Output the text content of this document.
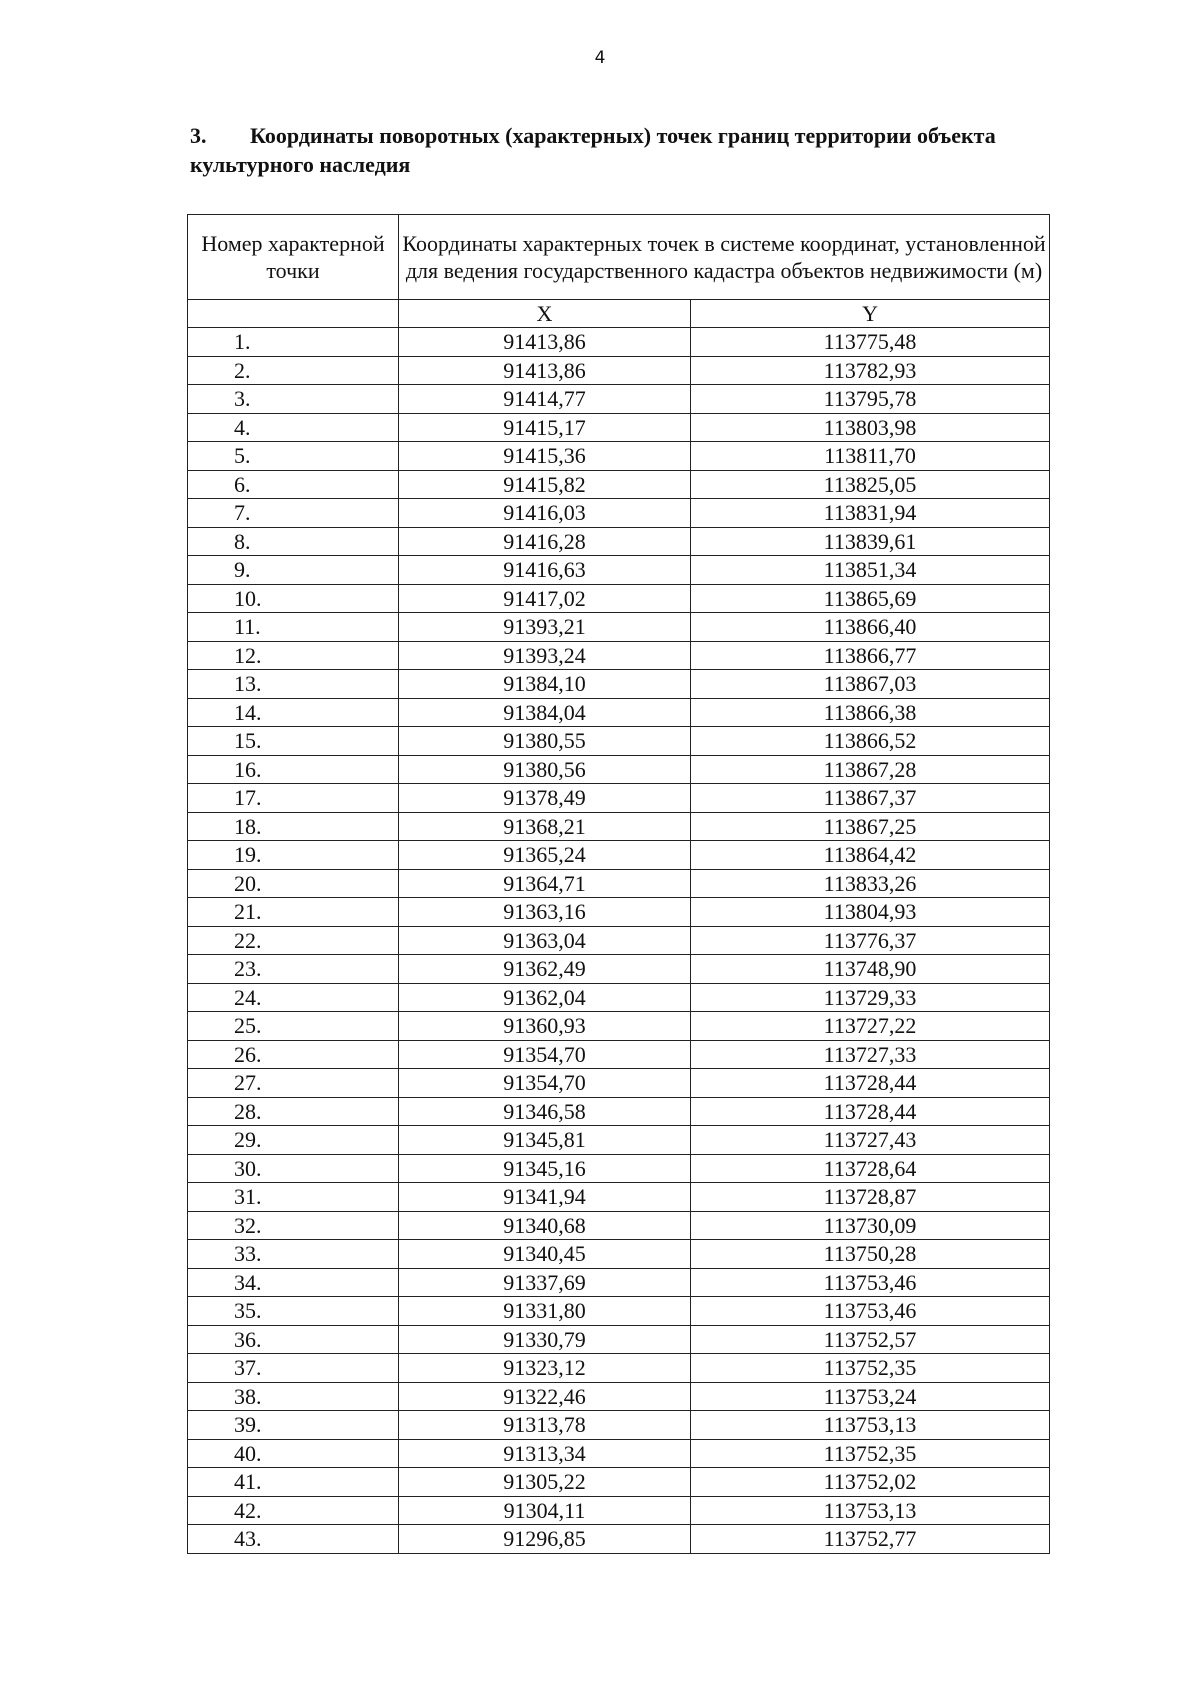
4
3. Координаты поворотных (характерных) точек границ территории объекта культурного наследия
Номер характерной точки	Координаты характерных точек в системе координат, установленной для ведения государственного кадастра объектов недвижимости (м)	
	X	Y
1.	91413,86	113775,48
2.	91413,86	113782,93
3.	91414,77	113795,78
4.	91415,17	113803,98
5.	91415,36	113811,70
6.	91415,82	113825,05
7.	91416,03	113831,94
8.	91416,28	113839,61
9.	91416,63	113851,34
10.	91417,02	113865,69
11.	91393,21	113866,40
12.	91393,24	113866,77
13.	91384,10	113867,03
14.	91384,04	113866,38
15.	91380,55	113866,52
16.	91380,56	113867,28
17.	91378,49	113867,37
18.	91368,21	113867,25
19.	91365,24	113864,42
20.	91364,71	113833,26
21.	91363,16	113804,93
22.	91363,04	113776,37
23.	91362,49	113748,90
24.	91362,04	113729,33
25.	91360,93	113727,22
26.	91354,70	113727,33
27.	91354,70	113728,44
28.	91346,58	113728,44
29.	91345,81	113727,43
30.	91345,16	113728,64
31.	91341,94	113728,87
32.	91340,68	113730,09
33.	91340,45	113750,28
34.	91337,69	113753,46
35.	91331,80	113753,46
36.	91330,79	113752,57
37.	91323,12	113752,35
38.	91322,46	113753,24
39.	91313,78	113753,13
40.	91313,34	113752,35
41.	91305,22	113752,02
42.	91304,11	113753,13
43.	91296,85	113752,77
